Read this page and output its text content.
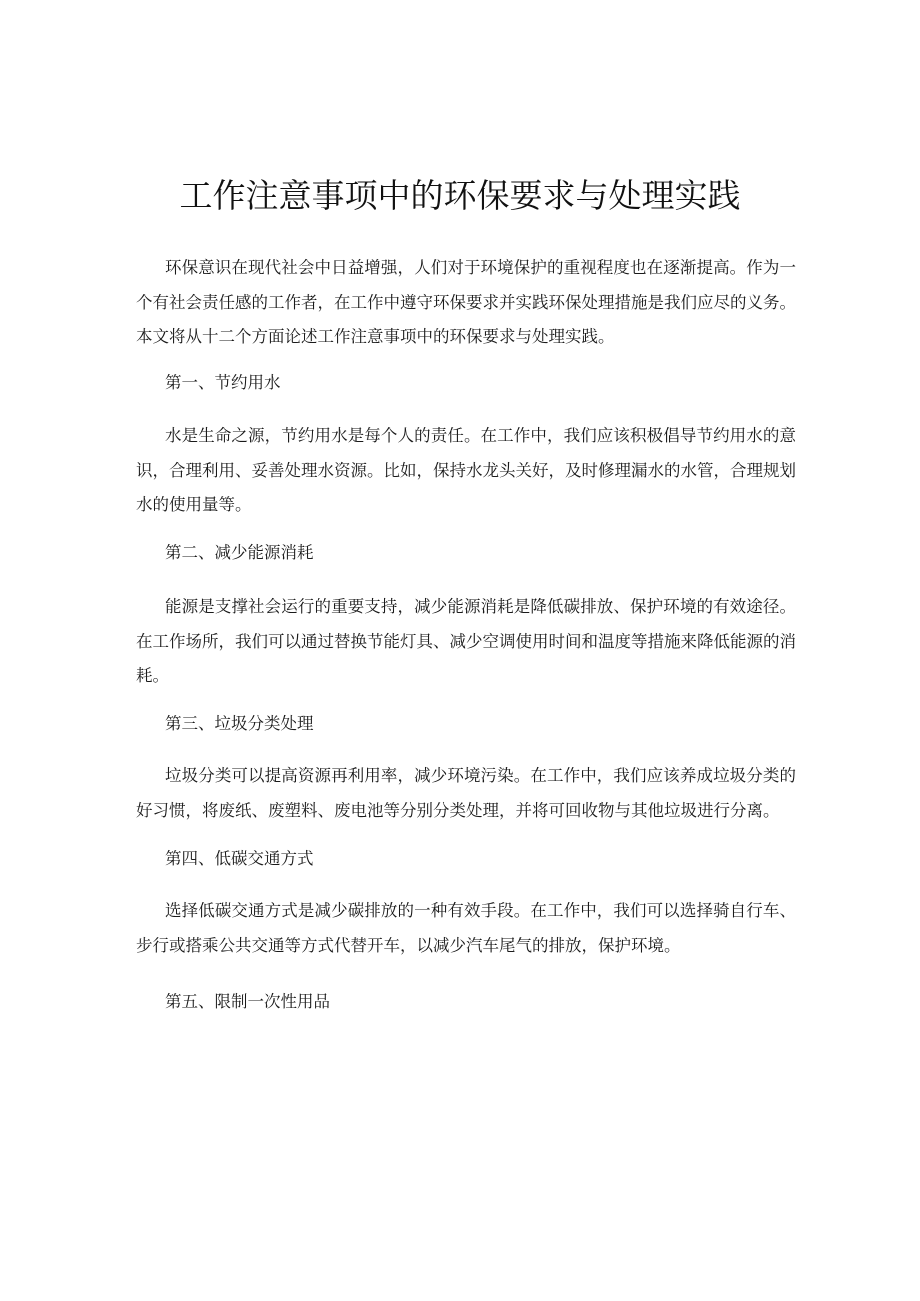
工作注意事项中的环保要求与处理实践

环保意识在现代社会中日益增强，人们对于环境保护的重视程度也在逐渐提高。作为一个有社会责任感的工作者，在工作中遵守环保要求并实践环保处理措施是我们应尽的义务。本文将从十二个方面论述工作注意事项中的环保要求与处理实践。

第一、节约用水

水是生命之源，节约用水是每个人的责任。在工作中，我们应该积极倡导节约用水的意识，合理利用、妥善处理水资源。比如，保持水龙头关好，及时修理漏水的水管，合理规划水的使用量等。

第二、减少能源消耗

能源是支撑社会运行的重要支持，减少能源消耗是降低碳排放、保护环境的有效途径。在工作场所，我们可以通过替换节能灯具、减少空调使用时间和温度等措施来降低能源的消耗。

第三、垃圾分类处理

垃圾分类可以提高资源再利用率，减少环境污染。在工作中，我们应该养成垃圾分类的好习惯，将废纸、废塑料、废电池等分别分类处理，并将可回收物与其他垃圾进行分离。

第四、低碳交通方式

选择低碳交通方式是减少碳排放的一种有效手段。在工作中，我们可以选择骑自行车、步行或搭乘公共交通等方式代替开车，以减少汽车尾气的排放，保护环境。

第五、限制一次性用品
